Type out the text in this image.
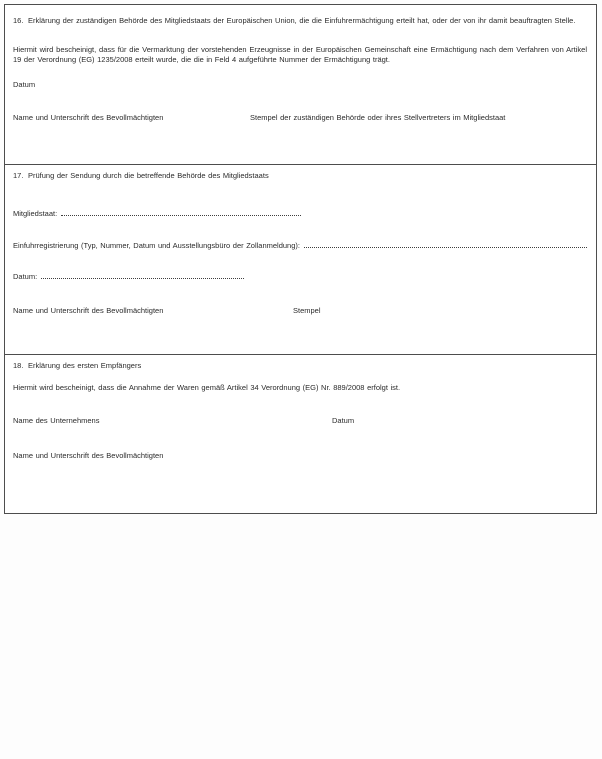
16. Erklärung der zuständigen Behörde des Mitgliedstaats der Europäischen Union, die die Einfuhrermächtigung erteilt hat, oder der von ihr damit beauftragten Stelle.
Hiermit wird bescheinigt, dass für die Vermarktung der vorstehenden Erzeugnisse in der Europäischen Gemeinschaft eine Ermächtigung nach dem Verfahren von Artikel 19 der Verordnung (EG) 1235/2008 erteilt wurde, die die in Feld 4 aufgeführte Nummer der Ermächtigung trägt.
Datum
Name und Unterschrift des Bevollmächtigten	Stempel der zuständigen Behörde oder ihres Stellvertreters im Mitgliedstaat
17. Prüfung der Sendung durch die betreffende Behörde des Mitgliedstaats
Mitgliedstaat:
Einfuhrregistrierung (Typ, Nummer, Datum und Ausstellungsbüro der Zollanmeldung):
Datum:
Name und Unterschrift des Bevollmächtigten	Stempel
18. Erklärung des ersten Empfängers
Hiermit wird bescheinigt, dass die Annahme der Waren gemäß Artikel 34 Verordnung (EG) Nr. 889/2008 erfolgt ist.
Name des Unternehmens	Datum
Name und Unterschrift des Bevollmächtigten
